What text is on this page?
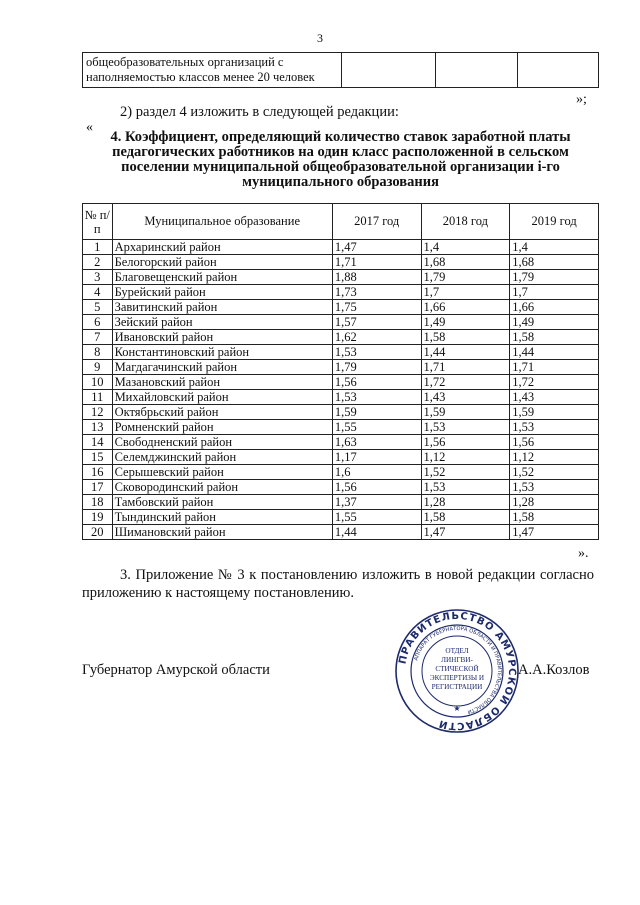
3
общеобразовательных организаций с наполняемостью классов менее 20 человек			
»;
2) раздел 4 изложить в следующей редакции:
«
4. Коэффициент, определяющий количество ставок заработной платы педагогических работников на один класс расположенной в сельском поселении муниципальной общеобразовательной организации i-го муниципального образования
№ п/п	Муниципальное образование	2017 год	2018 год	2019 год
1	Архаринский район	1,47	1,4	1,4
2	Белогорский район	1,71	1,68	1,68
3	Благовещенский район	1,88	1,79	1,79
4	Бурейский район	1,73	1,7	1,7
5	Завитинский район	1,75	1,66	1,66
6	Зейский район	1,57	1,49	1,49
7	Ивановский район	1,62	1,58	1,58
8	Константиновский район	1,53	1,44	1,44
9	Магдагачинский район	1,79	1,71	1,71
10	Мазановский район	1,56	1,72	1,72
11	Михайловский район	1,53	1,43	1,43
12	Октябрьский район	1,59	1,59	1,59
13	Ромненский район	1,55	1,53	1,53
14	Свободненский район	1,63	1,56	1,56
15	Селемджинский район	1,17	1,12	1,12
16	Серышевский район	1,6	1,52	1,52
17	Сковородинский район	1,56	1,53	1,53
18	Тамбовский район	1,37	1,28	1,28
19	Тындинский район	1,55	1,58	1,58
20	Шимановский район	1,44	1,47	1,47
».
3. Приложение № 3 к постановлению изложить в новой редакции согласно приложению к настоящему постановлению.
ПРАВИТЕЛЬСТВО АМУРСКОЙ ОБЛАСТИ
АППАРАТ ГУБЕРНАТОРА ОБЛАСТИ И ПРАВИТЕЛЬСТВА ОБЛАСТИ
ОТДЕЛ
ЛИНГВИ-
СТИЧЕСКОЙ
ЭКСПЕРТИЗЫ И
РЕГИСТРАЦИИ
★
Губернатор Амурской области	А.А.Козлов
